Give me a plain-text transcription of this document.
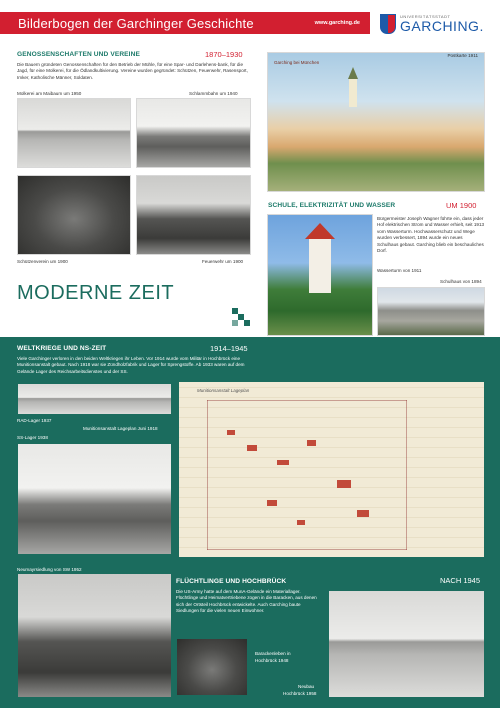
Bilderbogen der Garchinger Geschichte	www.garching.de
UNIVERSITÄTSSTADT
GARCHING.
GENOSSENSCHAFTEN UND VEREINE	1870–1930
Die Bauern gründeten Genossenschaften für den Betrieb der Mühle, für eine Spar- und Darlehens-bank, für die Jagd, für eine Molkerei, für die Ödlandkultivierung. Vereine wurden gegründet: Schützen, Feuerwehr, Rasensport, Imker, Katholische Männer, Soldaten.
Molkerei am Maibaum um 1950	Schlammbahn um 1940
Schützenverein um 1900	Feuerwehr um 1900
Garching bei München
Postkarte 1911
SCHULE, ELEKTRIZITÄT UND WASSER	UM 1900
Bürgermeister Joseph Wagner führte ein, dass jeder Hof elektrischen Strom und Wasser erhielt, seit 1913 vom Wasserturm. Hochwasserschutz und Wege wurden verbessert, 1894 wurde ein neues Schulhaus gebaut. Garching blieb ein beschauliches Dorf.
Wasserturm von 1911
Schulhaus von 1894
MODERNE ZEIT
WELTKRIEGE UND NS-ZEIT	1914–1945
Viele Garchinger verloren in den beiden Weltkriegen ihr Leben. Vor 1914 wurde vom Militär in Hochbrück eine Munitionsanstalt gebaut. Nach 1918 war sie Zündholzfabrik und Lager für Sprengstoffe. Ab 1933 waren auf dem Gelände Lager des Reichsarbeitsdienstes und der SS.
RAD-Lager 1937
Munitionsanstalt Lageplan Juni 1918
SS-Lager 1938
Neumayrsiedlung von SW 1952
Munitionsanstalt Lageplan
FLÜCHTLINGE UND HOCHBRÜCK	NACH 1945
Die US-Army hatte auf dem MunA-Gelände ein Materiallager. Flüchtlinge und Heimatvertriebene zogen in die Baracken, aus denen sich der Ortsteil Hochbrück entwickelte. Auch Garching baute Siedlungen für die vielen neuen Einwohner.
Barackenleben in
Hochbrück 1948
Neubau
Hochbrück 1958
